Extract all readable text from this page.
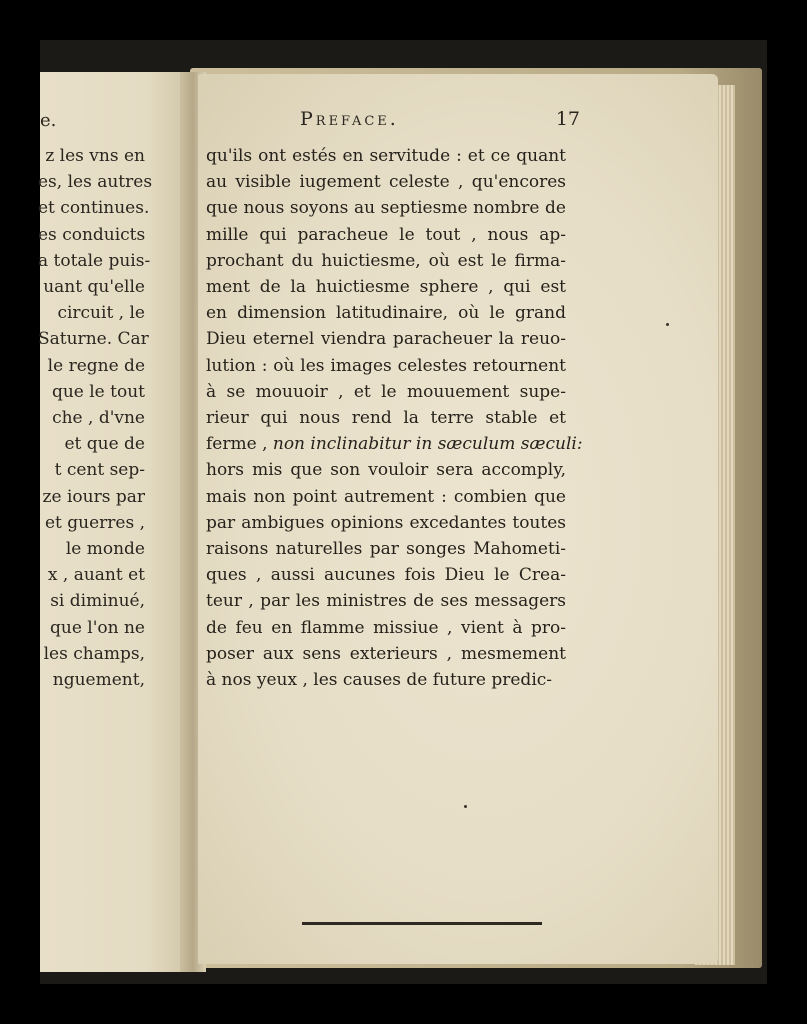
e.
z les vns en
es, les autres
et continues.
es conduicts
a totale puis-
uant qu'elle
circuit , le
Saturne. Car
le regne de
que le tout
che , d'vne
et que de
t cent sep-
ze iours par
et guerres ,
le monde
x , auant et
si diminué,
que l'on ne
les champs,
nguement,
Preface.	17
qu'ils ont estés en servitude : et ce quant
au visible iugement celeste , qu'encores
que nous soyons au septiesme nombre de
mille qui paracheue le tout , nous ap-
prochant du huictiesme, où est le firma-
ment de la huictiesme sphere , qui est
en dimension latitudinaire, où le grand
Dieu eternel viendra paracheuer la reuo-
lution : où les images celestes retournent
à se mouuoir , et le mouuement supe-
rieur qui nous rend la terre stable et
ferme , non inclinabitur in sæculum sæculi:
hors mis que son vouloir sera accomply,
mais non point autrement : combien que
par ambigues opinions excedantes toutes
raisons naturelles par songes Mahometi-
ques , aussi aucunes fois Dieu le Crea-
teur , par les ministres de ses messagers
de feu en flamme missiue , vient à pro-
poser aux sens exterieurs , mesmement
à nos yeux , les causes de future predic-
